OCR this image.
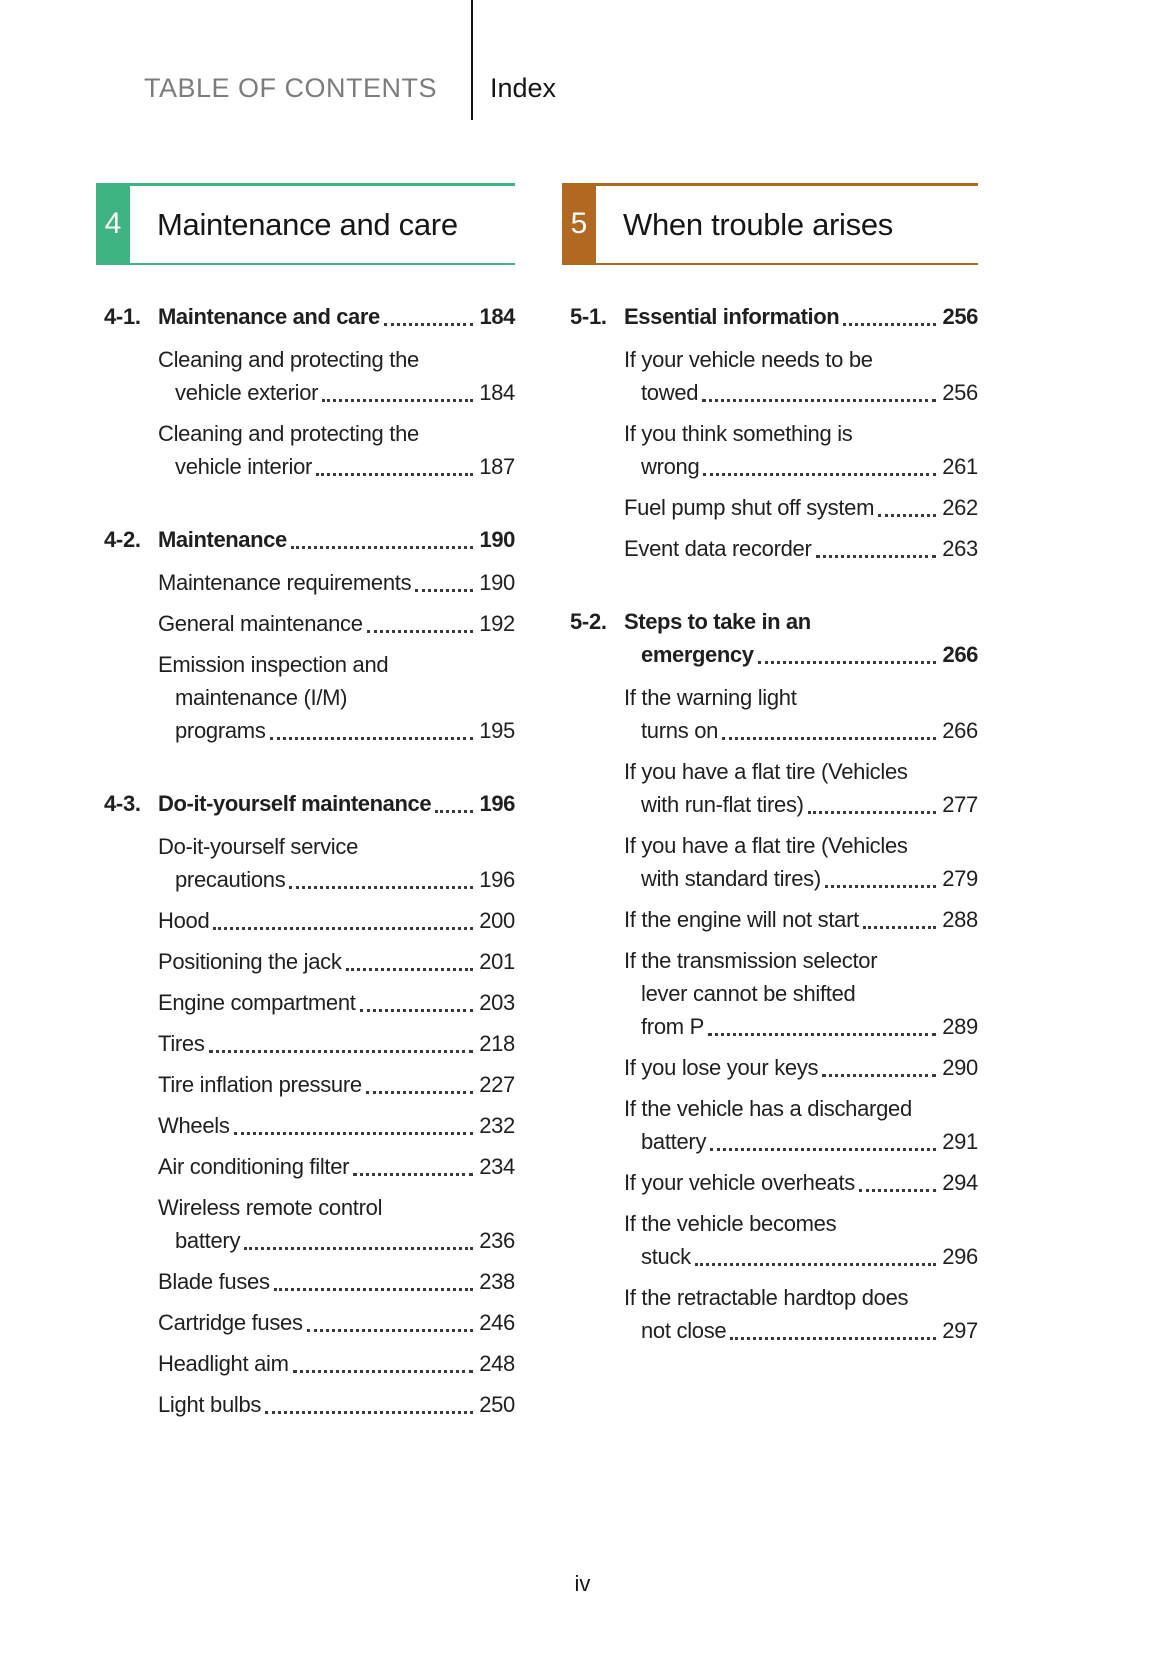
TABLE OF CONTENTS Index
4 Maintenance and care
4-1. Maintenance and care	184
Cleaning and protecting the
vehicle exterior	184
Cleaning and protecting the
vehicle interior	187
4-2. Maintenance	190
Maintenance requirements	190
General maintenance	192
Emission inspection and
maintenance (I/M)
programs	195
4-3. Do-it-yourself maintenance 196
Do-it-yourself service
precautions	196
Hood	200
Positioning the jack	201
Engine compartment	203
Tires	218
Tire inflation pressure	227
Wheels	232
Air conditioning filter	234
Wireless remote control
battery	236
Blade fuses	238
Cartridge fuses	246
Headlight aim	248
Light bulbs	250
5 When trouble arises
5-1. Essential information	256
If your vehicle needs to be
towed	256
If you think something is
wrong	261
Fuel pump shut off system	262
Event data recorder	263
5-2. Steps to take in an
emergency	266
If the warning light
turns on	266
If you have a flat tire (Vehicles
with run-flat tires)	277
If you have a flat tire (Vehicles
with standard tires)	279
If the engine will not start	288
If the transmission selector
lever cannot be shifted
from P	289
If you lose your keys	290
If the vehicle has a discharged
battery	291
If your vehicle overheats	294
If the vehicle becomes
stuck	296
If the retractable hardtop does
not close	297
iv
